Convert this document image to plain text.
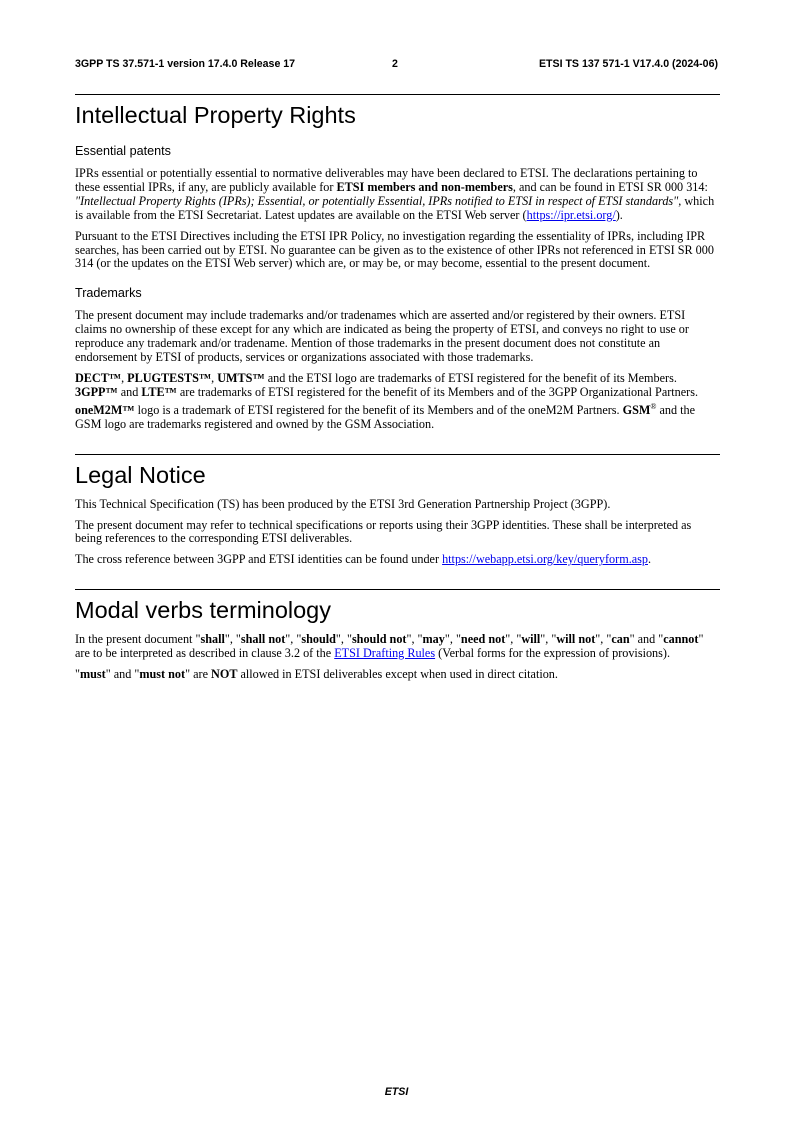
3GPP TS 37.571-1 version 17.4.0 Release 17	2	ETSI TS 137 571-1 V17.4.0 (2024-06)
Intellectual Property Rights
Essential patents

IPRs essential or potentially essential to normative deliverables may have been declared to ETSI. The declarations pertaining to these essential IPRs, if any, are publicly available for ETSI members and non-members, and can be found in ETSI SR 000 314: "Intellectual Property Rights (IPRs); Essential, or potentially Essential, IPRs notified to ETSI in respect of ETSI standards", which is available from the ETSI Secretariat. Latest updates are available on the ETSI Web server (https://ipr.etsi.org/).

Pursuant to the ETSI Directives including the ETSI IPR Policy, no investigation regarding the essentiality of IPRs, including IPR searches, has been carried out by ETSI. No guarantee can be given as to the existence of other IPRs not referenced in ETSI SR 000 314 (or the updates on the ETSI Web server) which are, or may be, or may become, essential to the present document.

Trademarks

The present document may include trademarks and/or tradenames which are asserted and/or registered by their owners. ETSI claims no ownership of these except for any which are indicated as being the property of ETSI, and conveys no right to use or reproduce any trademark and/or tradename. Mention of those trademarks in the present document does not constitute an endorsement by ETSI of products, services or organizations associated with those trademarks.

DECT™, PLUGTESTS™, UMTS™ and the ETSI logo are trademarks of ETSI registered for the benefit of its Members. 3GPP™ and LTE™ are trademarks of ETSI registered for the benefit of its Members and of the 3GPP Organizational Partners. oneM2M™ logo is a trademark of ETSI registered for the benefit of its Members and of the oneM2M Partners. GSM® and the GSM logo are trademarks registered and owned by the GSM Association.

Legal Notice

This Technical Specification (TS) has been produced by the ETSI 3rd Generation Partnership Project (3GPP).

The present document may refer to technical specifications or reports using their 3GPP identities. These shall be interpreted as being references to the corresponding ETSI deliverables.

The cross reference between 3GPP and ETSI identities can be found under https://webapp.etsi.org/key/queryform.asp.

Modal verbs terminology

In the present document "shall", "shall not", "should", "should not", "may", "need not", "will", "will not", "can" and "cannot" are to be interpreted as described in clause 3.2 of the ETSI Drafting Rules (Verbal forms for the expression of provisions).

"must" and "must not" are NOT allowed in ETSI deliverables except when used in direct citation.

ETSI
